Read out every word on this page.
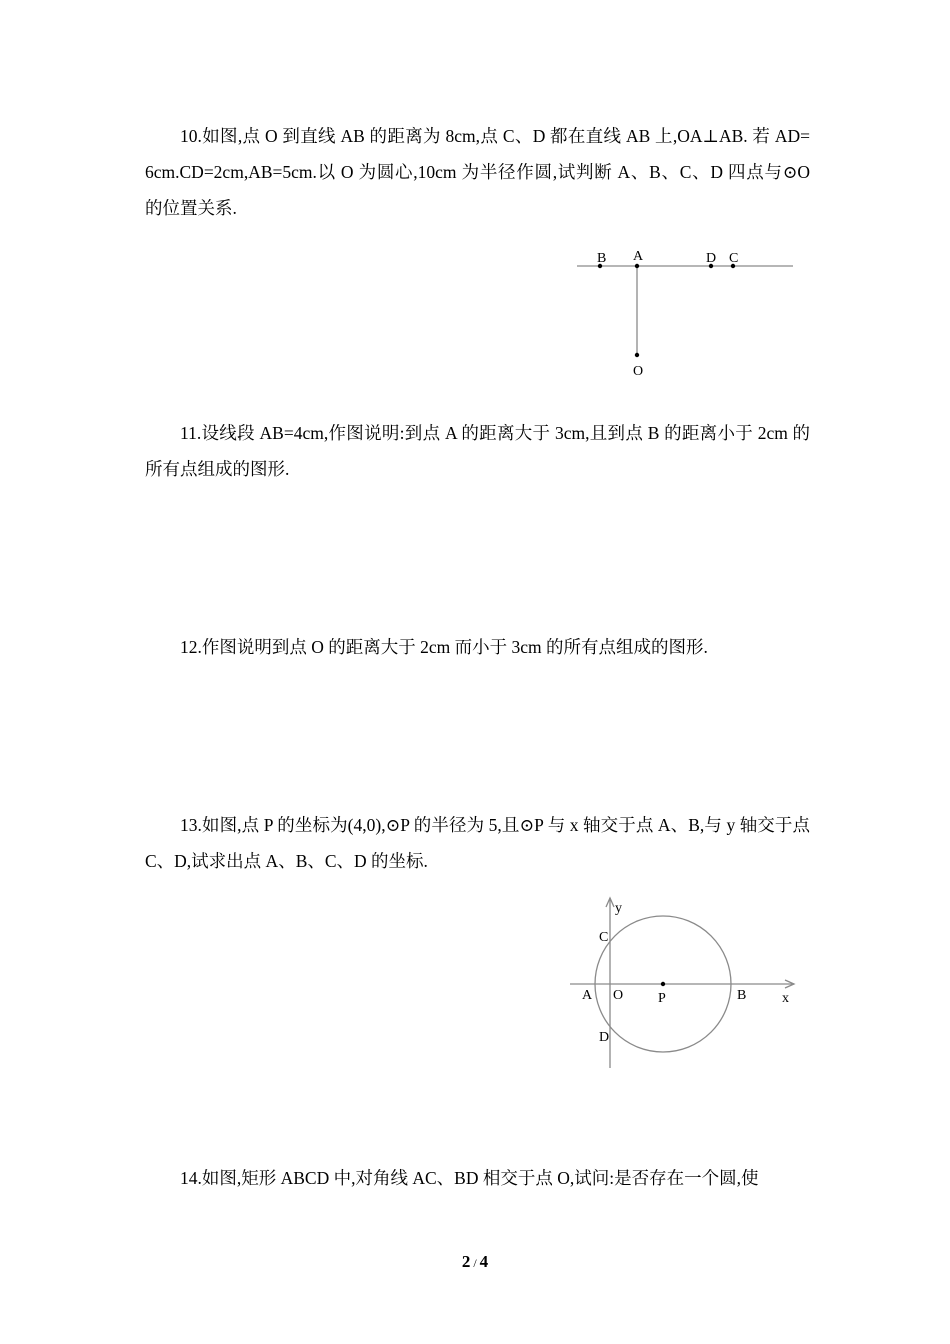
10.如图,点 O 到直线 AB 的距离为 8cm,点 C、D 都在直线 AB 上,OA⊥AB. 若 AD= 6cm.CD=2cm,AB=5cm.以 O 为圆心,10cm 为半径作圆,试判断 A、B、C、D 四点与⊙O 的位置关系.

B A	D C
O

11.设线段 AB=4cm,作图说明:到点 A 的距离大于 3cm,且到点 B 的距离小于 2cm 的所有点组成的图形.

12.作图说明到点 O 的距离大于 2cm 而小于 3cm 的所有点组成的图形.

13.如图,点 P 的坐标为(4,0),⊙P 的半径为 5,且⊙P 与 x 轴交于点 A、B,与 y 轴交于点 C、D,试求出点 A、B、C、D 的坐标.

y
x
C
A O P	B
D

14.如图,矩形 ABCD 中,对角线 AC、BD 相交于点 O,试问:是否存在一个圆,使

2 / 4
